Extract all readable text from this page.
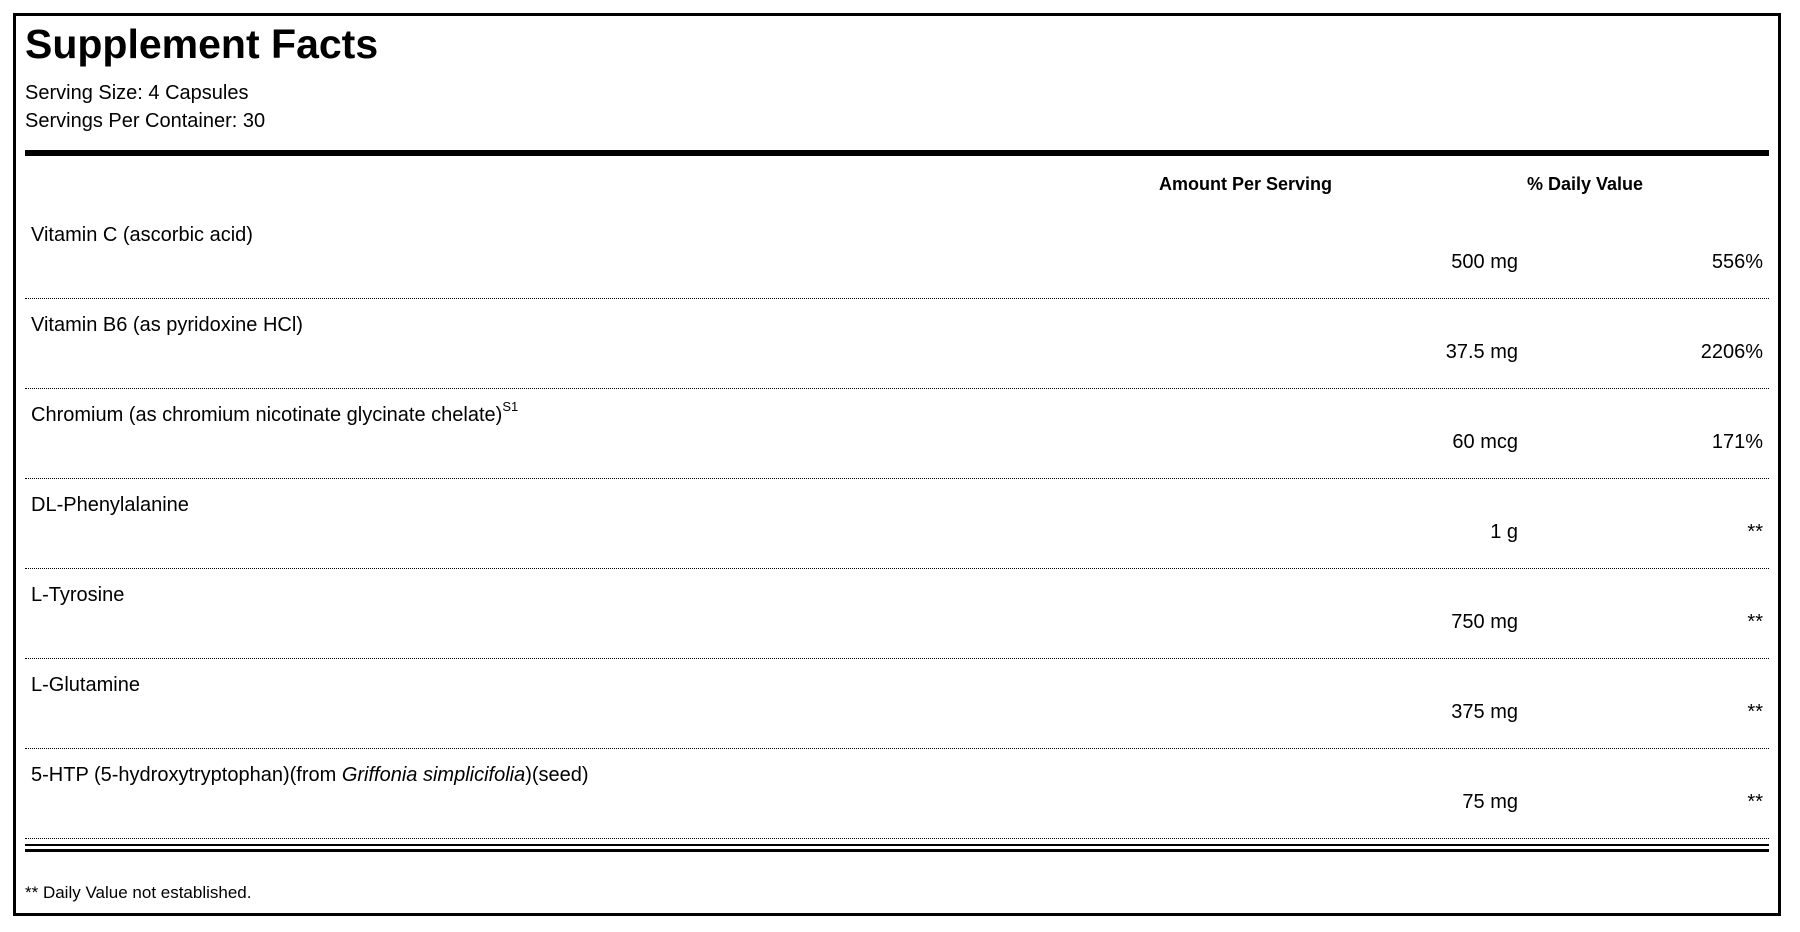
Supplement Facts
Serving Size: 4 Capsules
Servings Per Container: 30
Amount Per Serving	% Daily Value
Vitamin C (ascorbic acid)
500 mg	556%
Vitamin B6 (as pyridoxine HCl)
37.5 mg	2206%
Chromium (as chromium nicotinate glycinate chelate)$^{S1}$
60 mcg	171%
DL-Phenylalanine
1 g	**
L-Tyrosine
750 mg	**
L-Glutamine
375 mg	**
5-HTP (5-hydroxytryptophan)(from Griffonia simplicifolia)(seed)
75 mg	**
** Daily Value not established.
